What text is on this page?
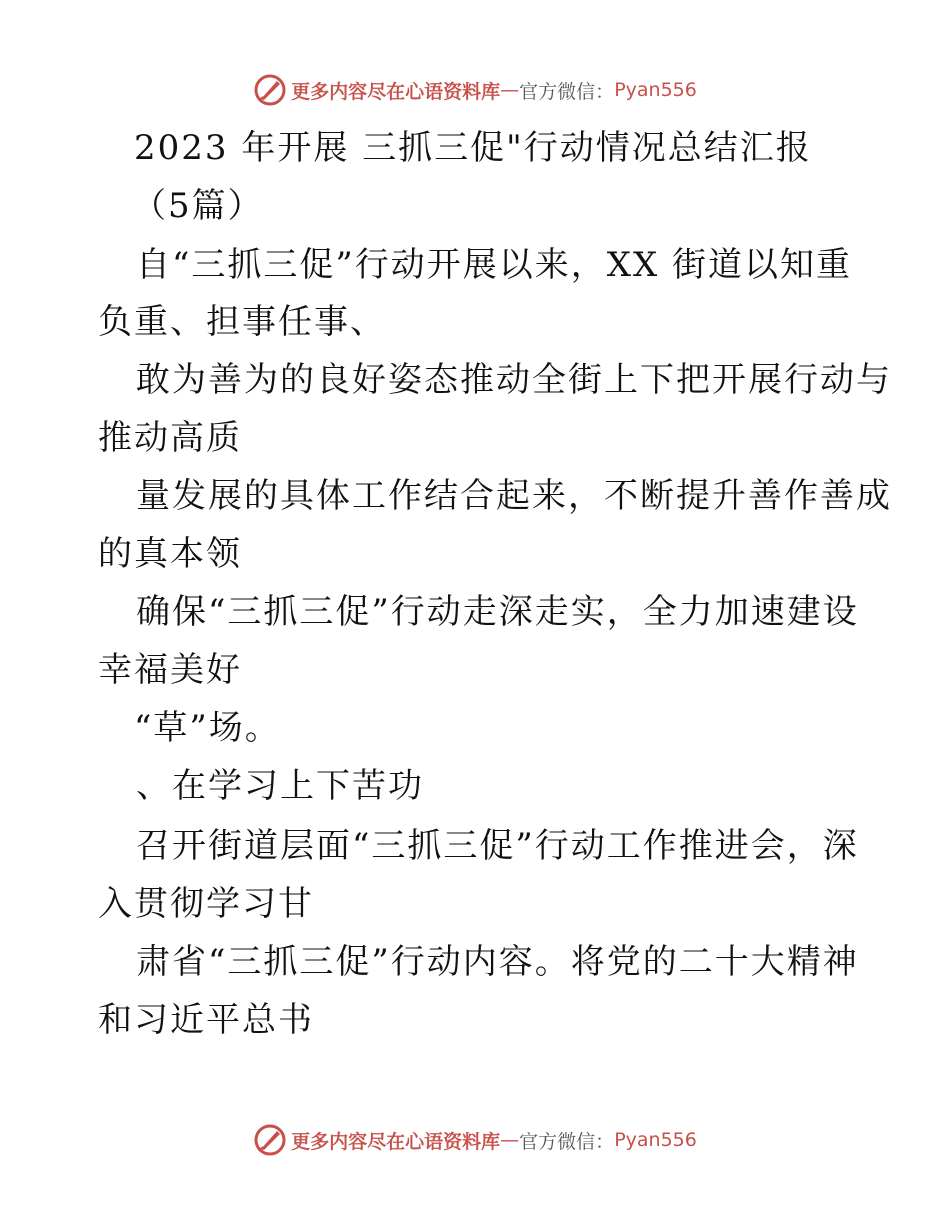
更多内容尽在心语资料库 — 官方微信： Pyan556
2023 年开展 三抓三促"行动情况总结汇报
（5篇）
自“三抓三促”行动开展以来，XX 街道以知重
负重、担事任事、
敢为善为的良好姿态推动全街上下把开展行动与
推动高质
量发展的具体工作结合起来，不断提升善作善成
的真本领
确保“三抓三促”行动走深走实，全力加速建设
幸福美好
“草”场。
、在学习上下苦功
召开街道层面“三抓三促”行动工作推进会，深
入贯彻学习甘
肃省“三抓三促”行动内容。将党的二十大精神
和习近平总书
更多内容尽在心语资料库 — 官方微信： Pyan556
